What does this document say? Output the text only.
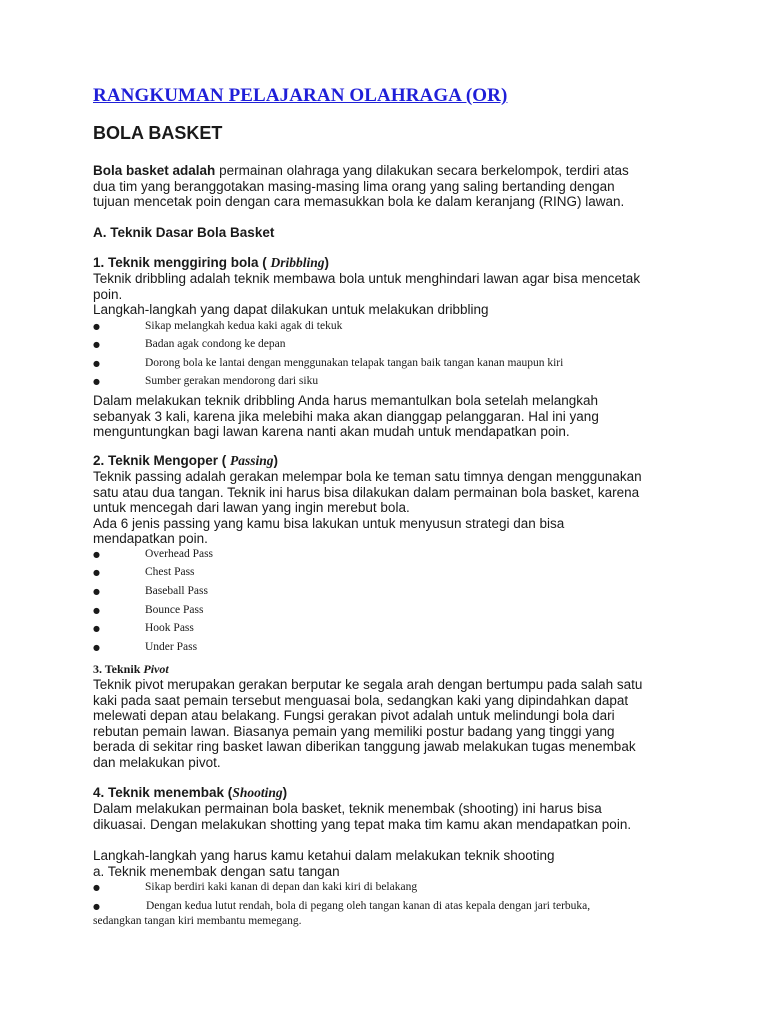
RANGKUMAN PELAJARAN OLAHRAGA (OR)
BOLA BASKET
Bola basket adalah permainan olahraga yang dilakukan secara berkelompok, terdiri atas
dua tim yang beranggotakan masing-masing lima orang yang saling bertanding dengan
tujuan mencetak poin dengan cara memasukkan bola ke dalam keranjang (RING) lawan.
A. Teknik Dasar Bola Basket
1. Teknik menggiring bola ( Dribbling)
Teknik dribbling adalah teknik membawa bola untuk menghindari lawan agar bisa mencetak
poin.
Langkah-langkah yang dapat dilakukan untuk melakukan dribbling
●	Sikap melangkah kedua kaki agak di tekuk
●	Badan agak condong ke depan
●	Dorong bola ke lantai dengan menggunakan telapak tangan baik tangan kanan maupun kiri
●	Sumber gerakan mendorong dari siku
Dalam melakukan teknik dribbling Anda harus memantulkan bola setelah melangkah
sebanyak 3 kali, karena jika melebihi maka akan dianggap pelanggaran. Hal ini yang
menguntungkan bagi lawan karena nanti akan mudah untuk mendapatkan poin.
2. Teknik Mengoper ( Passing)
Teknik passing adalah gerakan melempar bola ke teman satu timnya dengan menggunakan
satu atau dua tangan. Teknik ini harus bisa dilakukan dalam permainan bola basket, karena
untuk mencegah dari lawan yang ingin merebut bola.
Ada 6 jenis passing yang kamu bisa lakukan untuk menyusun strategi dan bisa
mendapatkan poin.
●	Overhead Pass
●	Chest Pass
●	Baseball Pass
●	Bounce Pass
●	Hook Pass
●	Under Pass
3. Teknik Pivot
Teknik pivot merupakan gerakan berputar ke segala arah dengan bertumpu pada salah satu
kaki pada saat pemain tersebut menguasai bola, sedangkan kaki yang dipindahkan dapat
melewati depan atau belakang. Fungsi gerakan pivot adalah untuk melindungi bola dari
rebutan pemain lawan. Biasanya pemain yang memiliki postur badang yang tinggi yang
berada di sekitar ring basket lawan diberikan tanggung jawab melakukan tugas menembak
dan melakukan pivot.
4. Teknik menembak (Shooting)
Dalam melakukan permainan bola basket, teknik menembak (shooting) ini harus bisa
dikuasai. Dengan melakukan shotting yang tepat maka tim kamu akan mendapatkan poin.
Langkah-langkah yang harus kamu ketahui dalam melakukan teknik shooting
a. Teknik menembak dengan satu tangan
●	Sikap berdiri kaki kanan di depan dan kaki kiri di belakang
●	Dengan kedua lutut rendah, bola di pegang oleh tangan kanan di atas kepala dengan jari terbuka,
sedangkan tangan kiri membantu memegang.
